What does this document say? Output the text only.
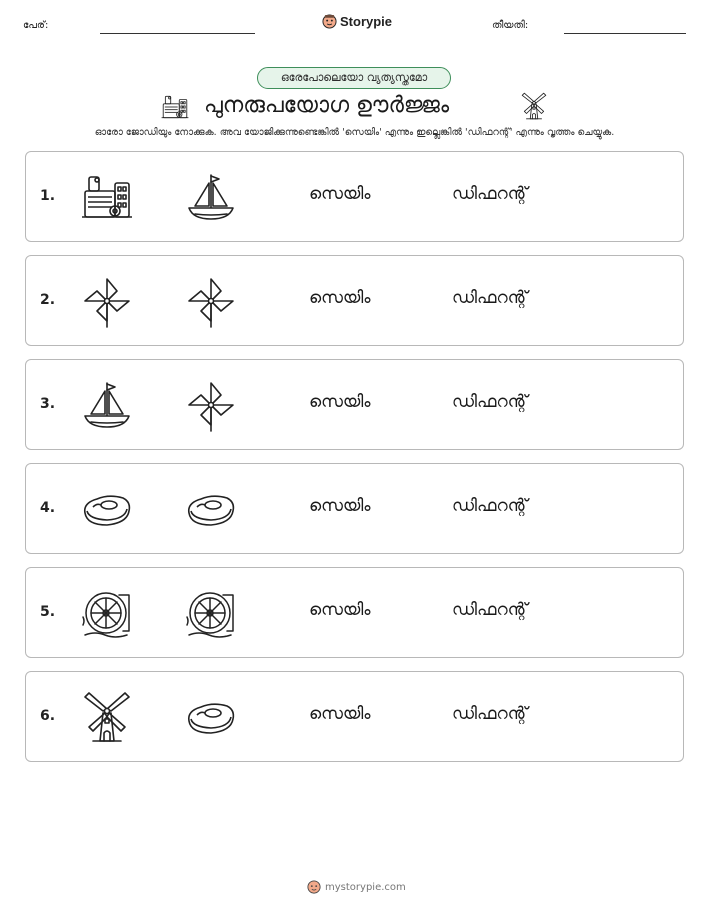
പേര്:	Storypie	തീയതി:
ഒരേപോലെയോ വ്യത്യസ്തമോ
പുനരുപയോഗ ഊർജ്ജം
ഓരോ ജോഡിയും നോക്കുക. അവ യോജിക്കുന്നുണ്ടെങ്കിൽ 'സെയിം' എന്നും ഇല്ലെങ്കിൽ 'ഡിഫറന്റ്' എന്നും വൃത്തം ചെയ്യുക.
1.	സെയിം	ഡിഫറന്റ്
2.	സെയിം	ഡിഫറന്റ്
3.	സെയിം	ഡിഫറന്റ്
4.	സെയിം	ഡിഫറന്റ്
5.	സെയിം	ഡിഫറന്റ്
6.	സെയിം	ഡിഫറന്റ്
mystorypie.com
